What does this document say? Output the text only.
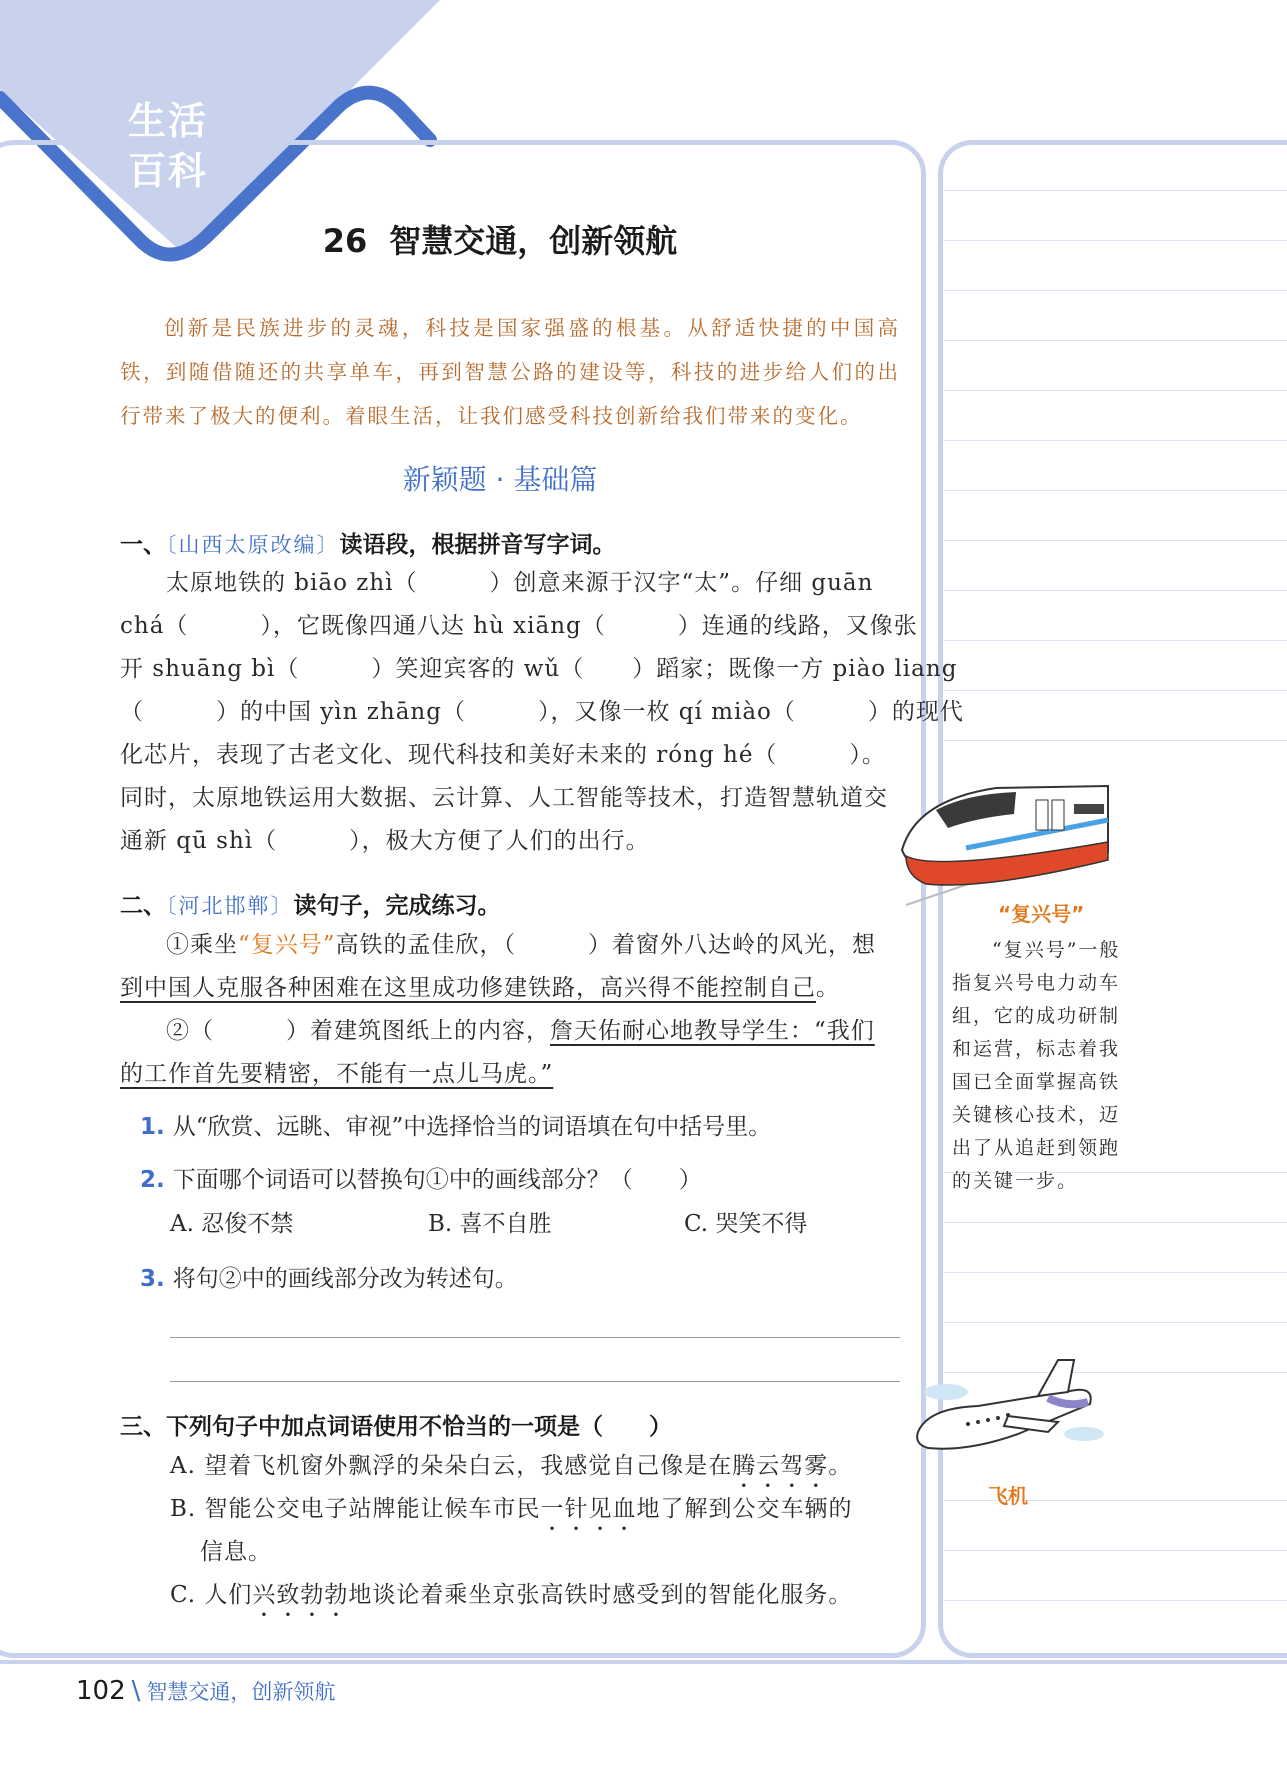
生活
百科
26 智慧交通，创新领航

创新是民族进步的灵魂，科技是国家强盛的根基。从舒适快捷的中国高铁，到随借随还的共享单车，再到智慧公路的建设等，科技的进步给人们的出行带来了极大的便利。着眼生活，让我们感受科技创新给我们带来的变化。

新颖题 · 基础篇
一、〔山西太原改编〕读语段，根据拼音写字词。
太原地铁的 biāo zhì（　　　）创意来源于汉字“太”。仔细 guān
chá（　　　），它既像四通八达 hù xiāng（　　　）连通的线路，又像张
开 shuāng bì（　　　）笑迎宾客的 wǔ（　　）蹈家；既像一方 piào liang
（　　　）的中国 yìn zhāng（　　　），又像一枚 qí miào（　　　）的现代
化芯片，表现了古老文化、现代科技和美好未来的 róng hé（　　　）。
同时，太原地铁运用大数据、云计算、人工智能等技术，打造智慧轨道交
通新 qū shì（　　　），极大方便了人们的出行。
二、〔河北邯郸〕读句子，完成练习。
①乘坐“复兴号”高铁的孟佳欣，（　　　）着窗外八达岭的风光，想
到中国人克服各种困难在这里成功修建铁路，高兴得不能控制自己。
②（　　　）着建筑图纸上的内容，詹天佑耐心地教导学生：“我们
的工作首先要精密，不能有一点儿马虎。”
1. 从“欣赏、远眺、审视”中选择恰当的词语填在句中括号里。
2. 下面哪个词语可以替换句①中的画线部分？（　　）
A. 忍俊不禁	B. 喜不自胜	C. 哭笑不得
3. 将句②中的画线部分改为转述句。
三、下列句子中加点词语使用不恰当的一项是（　　）
A. 望着飞机窗外飘浮的朵朵白云，我感觉自己像是在腾云驾雾。
B. 智能公交电子站牌能让候车市民一针见血地了解到公交车辆的
信息。
C. 人们兴致勃勃地谈论着乘坐京张高铁时感受到的智能化服务。
“复兴号”
“复兴号”一般
指复兴号电力动车
组，它的成功研制
和运营，标志着我
国已全面掌握高铁
关键核心技术，迈
出了从追赶到领跑
的关键一步。
飞机
102 \ 智慧交通，创新领航
